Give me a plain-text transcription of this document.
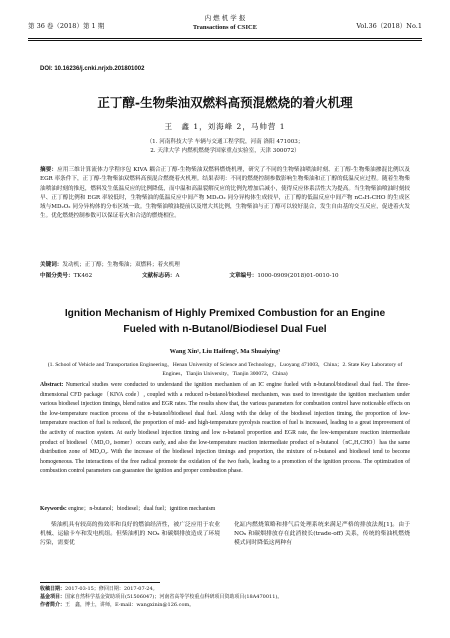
第 36 卷（2018）第 1 期
内 燃 机 学 报
Transactions of CSICE	Vol.36（2018）No.1
DOI: 10.16236/j.cnki.nrjxb.201801002
正丁醇-生物柴油双燃料高预混燃烧的着火机理
王　鑫 1，刘海峰 2，马帅营 1
（1. 河南科技大学 车辆与交通工程学院，河南 洛阳 471003；
2. 天津大学 内燃机燃烧学国家重点实验室，天津 300072）
摘要：应用三维计算流体力学程序包 KIVA 耦合正丁醇-生物柴油双燃料燃烧机理，研究了不同的生物柴油喷油时刻、正丁醇-生物柴油掺混比例以及 EGR 率条件下，正丁醇-生物柴油双燃料高预混合燃烧着火机理。结果表明：不同的燃烧控制参数影响生物柴油和正丁醇的低温反应过程。随着生物柴油喷油时刻的推迟，燃料发生低温反应的比例降低，而中温和高温裂解反应的比例先增加后减小，使得反应体系活性大为提高。当生物柴油喷油时刻较早、正丁醇比例和 EGR 率较低时，生物柴油的低温反应中间产物 MD₂O₂ 同分异构体生成较早，正丁醇的低温反应中间产物 nC₃H₇CHO 的生成区域与MD₂O₂ 同分异构体的分布区域一致。生物柴油喷油提前以及增大其比例，生物柴油与正丁醇可以较好混合，发生自由基的交互反应，促进着火发生。优化燃烧控制参数可以保证着火和合适的燃烧相位。
关键词：发动机；正丁醇；生物柴油；双燃料；着火机理
中图分类号：TK462	文献标志码：A	文章编号：1000-0909(2018)01-0010-10
Ignition Mechanism of Highly Premixed Combustion for an Engine
Fueled with n-Butanol/Biodiesel Dual Fuel
Wang Xin¹, Liu Haifeng², Ma Shuaiying¹
(1. School of Vehicle and Transportation Engineering，Henan University of Science and Technology，Luoyang 471003，China；2. State Key Laboratory of Engines，Tianjin University，Tianjin 300072，China)
Abstract: Numerical studies were conducted to understand the ignition mechanism of an IC engine fueled with n-butanol/biodiesel dual fuel. The three-dimensional CFD package（KIVA code）, coupled with a reduced n-butanol/biodiesel mechanism, was used to investigate the ignition mechanism under various biodiesel injection timings, blend ratios and EGR rates. The results show that, the various parameters for combustion control have noticeable effects on the low-temperature reaction process of the n-butanol/biodiesel dual fuel. Along with the delay of the biodiesel injection timing, the proportion of low-temperature reaction of fuel is reduced, the proportion of mid- and high-temperature pyrolysis reaction of fuel is increased, leading to a great improvement of the activity of reaction system. At early biodiesel injection timing and low n-butanol proportion and EGR rate, the low-temperature reaction intermediate product of biodiesel（MD₂O₂ isomer）occurs early, and also the low-temperature reaction intermediate product of n-butanol（nC₃H₇CHO）has the same distribution zone of MD₂O₂. With the increase of the biodiesel injection timings and proportion, the mixture of n-butanol and biodiesel tend to become homogeneous. The interactions of the free radical promote the oxidation of the two fuels, leading to a promotion of the ignition process. The optimization of combustion control parameters can guarantee the ignition and proper combustion phase.
Keywords: engine；n-butanol；biodiesel；dual fuel；ignition mechanism
柴油机具有较高的热效率和良好的燃油经济性，被广泛应用于农业机械、运输卡车和发电机组。但柴油机的 NOₓ 和碳烟排放造成了环境污染，需要优
化缸内燃烧策略和排气后处理系统来满足严格的排放法规[1]。由于 NOₓ 和碳烟排放存在此消彼长(trade-off) 关系，传统的柴油机燃烧模式同时降低这两种有
收稿日期：2017-03-15；修回日期：2017-07-24。
基金项目：国家自然科学基金资助项目(51506047)；河南省高等学校重点科研项目资助项目(18A470011)。
作者简介：王　鑫，博士，讲师，E-mail：wangxinin@126.com。
